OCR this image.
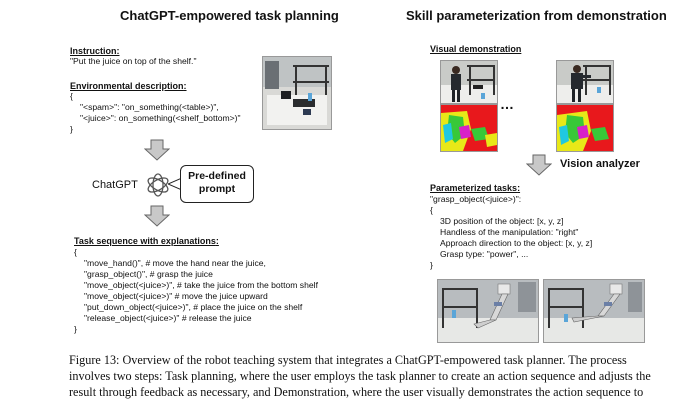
ChatGPT-empowered task planning
Instruction:
"Put the juice on top of the shelf."
Environmental description:
{
"<spam>": "on_something(<table>)",
"<juice>": on_something(<shelf_bottom>)"
}
ChatGPT
Pre-defined
prompt
Task sequence with explanations:
{
"move_hand()", # move the hand near the juice,
"grasp_object()", # grasp the juice
"move_object(<juice>)", # take the juice from the bottom shelf
"move_object(<juice>)" # move the juice upward
"put_down_object(<juice>)", # place the juice on the shelf
"release_object(<juice>)" # release the juice
}
Skill parameterization from demonstration
Visual demonstration
…
Vision analyzer
Parameterized tasks:
"grasp_object(<juice>)":
{
3D position of the object: [x, y, z]
Handless of the manipulation: "right"
Approach direction to the object: [x, y, z]
Grasp type: "power", ...
}
Figure 13: Overview of the robot teaching system that integrates a ChatGPT-empowered task planner. The process
involves two steps: Task planning, where the user employs the task planner to create an action sequence and adjusts the
result through feedback as necessary, and Demonstration, where the user visually demonstrates the action sequence to
